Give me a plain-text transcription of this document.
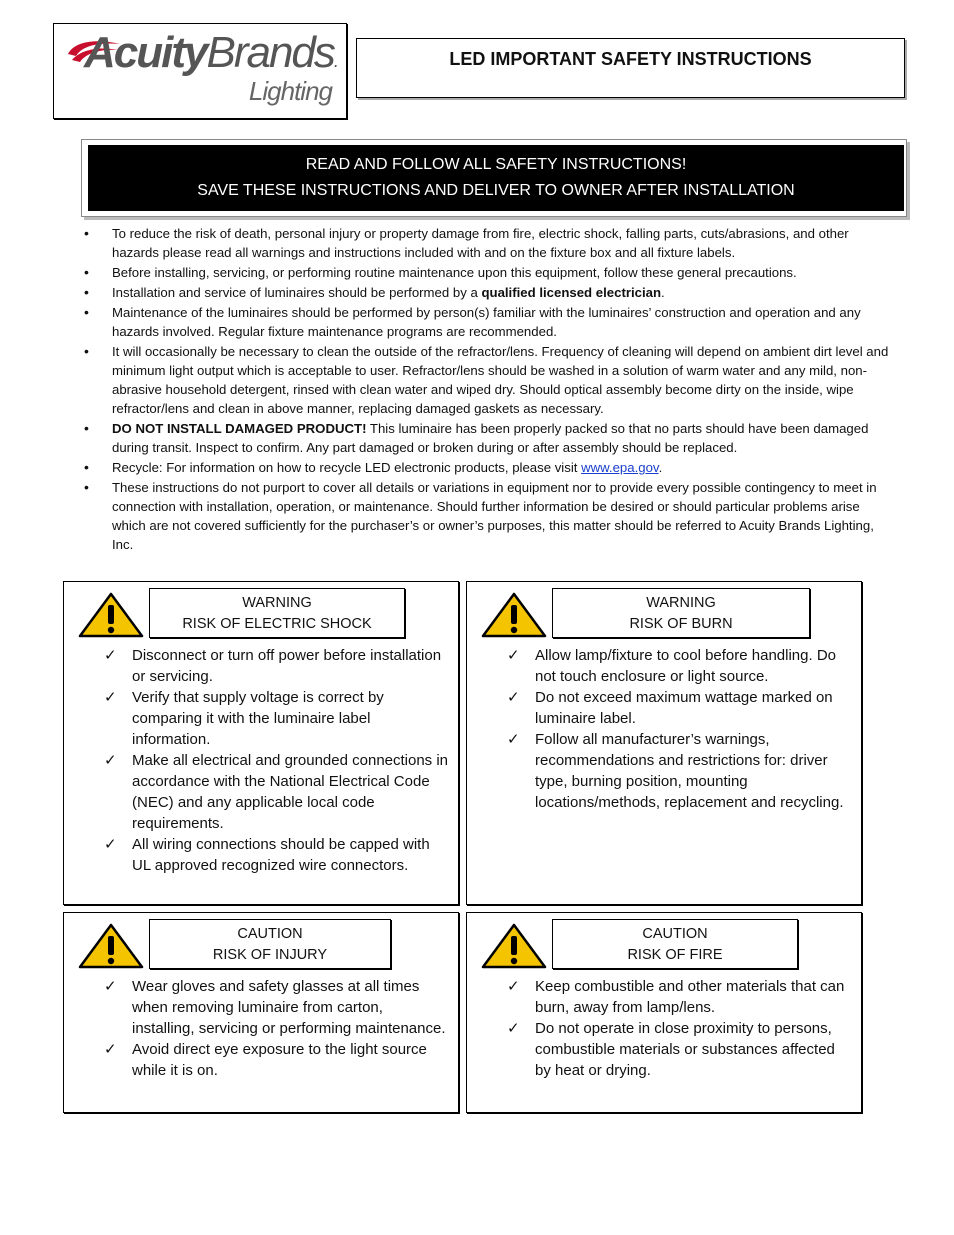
AcuityBrands.
Lighting
LED IMPORTANT SAFETY INSTRUCTIONS
READ AND FOLLOW ALL SAFETY INSTRUCTIONS!
SAVE THESE INSTRUCTIONS AND DELIVER TO OWNER AFTER INSTALLATION
• To reduce the risk of death, personal injury or property damage from fire, electric shock, falling parts, cuts/abrasions, and other hazards please read all warnings and instructions included with and on the fixture box and all fixture labels.
• Before installing, servicing, or performing routine maintenance upon this equipment, follow these general precautions.
• Installation and service of luminaires should be performed by a qualified licensed electrician.
• Maintenance of the luminaires should be performed by person(s) familiar with the luminaires’ construction and operation and any hazards involved. Regular fixture maintenance programs are recommended.
• It will occasionally be necessary to clean the outside of the refractor/lens. Frequency of cleaning will depend on ambient dirt level and minimum light output which is acceptable to user. Refractor/lens should be washed in a solution of warm water and any mild, non-abrasive household detergent, rinsed with clean water and wiped dry. Should optical assembly become dirty on the inside, wipe refractor/lens and clean in above manner, replacing damaged gaskets as necessary.
• DO NOT INSTALL DAMAGED PRODUCT! This luminaire has been properly packed so that no parts should have been damaged during transit. Inspect to confirm. Any part damaged or broken during or after assembly should be replaced.
• Recycle: For information on how to recycle LED electronic products, please visit www.epa.gov.
• These instructions do not purport to cover all details or variations in equipment nor to provide every possible contingency to meet in connection with installation, operation, or maintenance. Should further information be desired or should particular problems arise which are not covered sufficiently for the purchaser’s or owner’s purposes, this matter should be referred to Acuity Brands Lighting, Inc.
WARNING
RISK OF ELECTRIC SHOCK
✓ Disconnect or turn off power before installation or servicing.
✓ Verify that supply voltage is correct by comparing it with the luminaire label information.
✓ Make all electrical and grounded connections in accordance with the National Electrical Code (NEC) and any applicable local code requirements.
✓ All wiring connections should be capped with UL approved recognized wire connectors.
WARNING
RISK OF BURN
✓ Allow lamp/fixture to cool before handling. Do not touch enclosure or light source.
✓ Do not exceed maximum wattage marked on luminaire label.
✓ Follow all manufacturer’s warnings, recommendations and restrictions for: driver type, burning position, mounting locations/methods, replacement and recycling.
CAUTION
RISK OF INJURY
✓ Wear gloves and safety glasses at all times when removing luminaire from carton, installing, servicing or performing maintenance.
✓ Avoid direct eye exposure to the light source while it is on.
CAUTION
RISK OF FIRE
✓ Keep combustible and other materials that can burn, away from lamp/lens.
✓ Do not operate in close proximity to persons, combustible materials or substances affected by heat or drying.
